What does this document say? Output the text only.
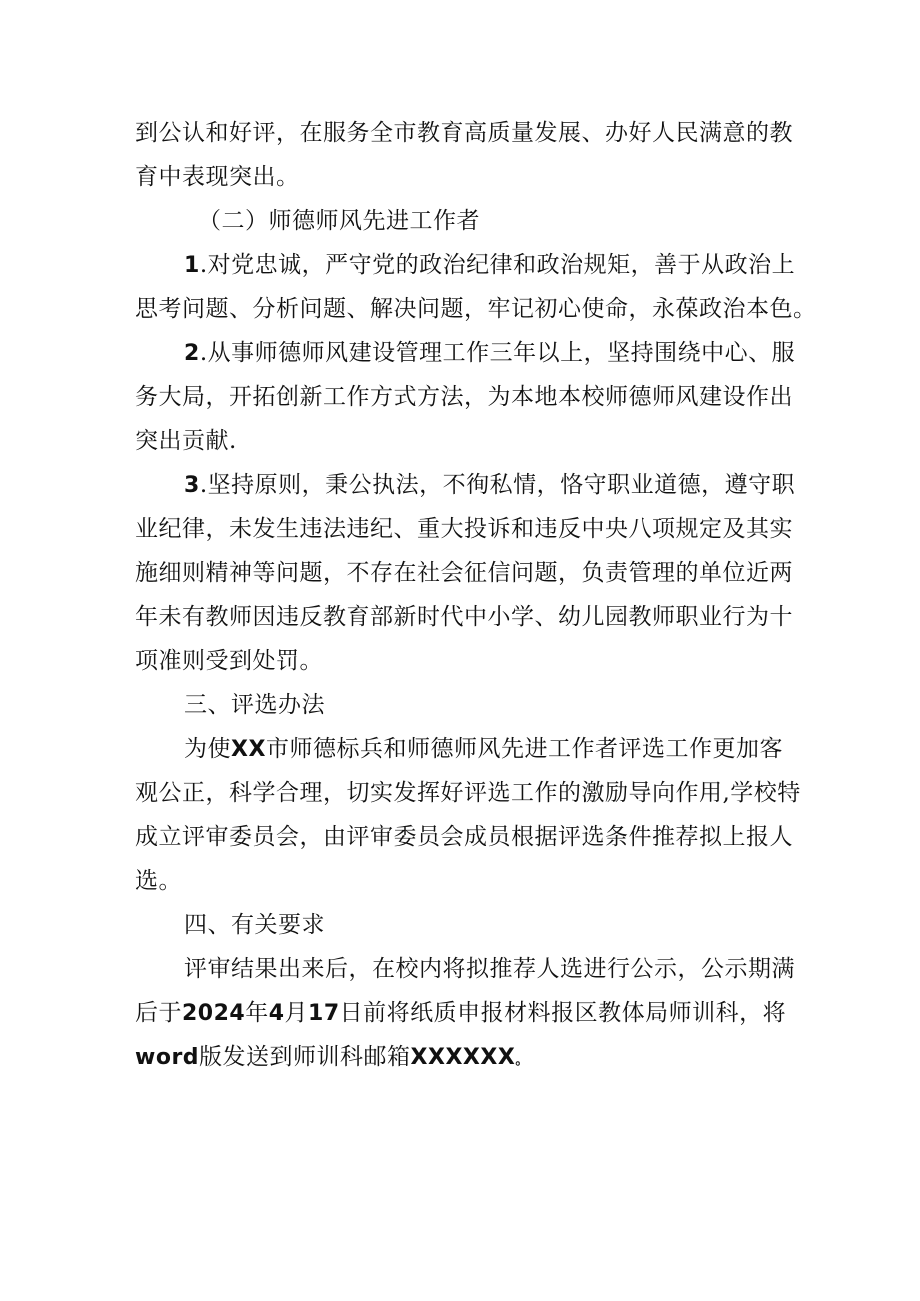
到公认和好评，在服务全市教育高质量发展、办好人民满意的教
育中表现突出。
（二）师德师风先进工作者
1.对党忠诚，严守党的政治纪律和政治规矩，善于从政治上
思考问题、分析问题、解决问题，牢记初心使命，永葆政治本色。
2.从事师德师风建设管理工作三年以上，坚持围绕中心、服
务大局，开拓创新工作方式方法，为本地本校师德师风建设作出
突出贡献.
3.坚持原则，秉公执法，不徇私情，恪守职业道德，遵守职
业纪律，未发生违法违纪、重大投诉和违反中央八项规定及其实
施细则精神等问题，不存在社会征信问题，负责管理的单位近两
年未有教师因违反教育部新时代中小学、幼儿园教师职业行为十
项准则受到处罚。
三、评选办法
为使XX市师德标兵和师德师风先进工作者评选工作更加客
观公正，科学合理，切实发挥好评选工作的激励导向作用,学校特
成立评审委员会，由评审委员会成员根据评选条件推荐拟上报人
选。
四、有关要求
评审结果出来后，在校内将拟推荐人选进行公示，公示期满
后于2024年4月17日前将纸质申报材料报区教体局师训科，将
word版发送到师训科邮箱XXXXXX。
